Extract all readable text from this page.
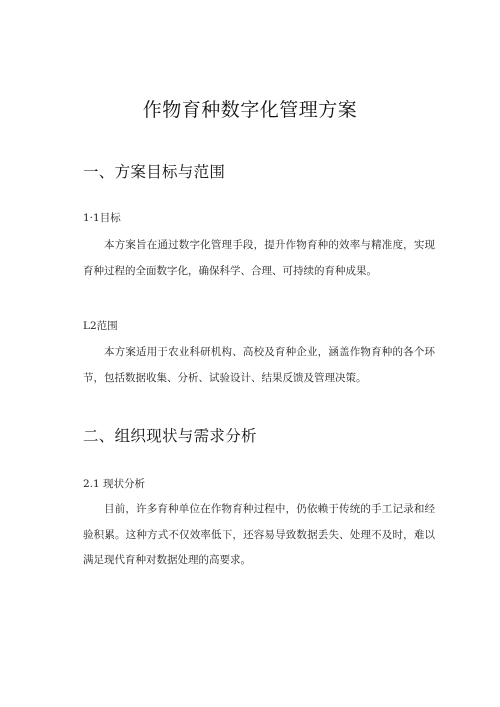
作物育种数字化管理方案
一、方案目标与范围
1·1目标

本方案旨在通过数字化管理手段，提升作物育种的效率与精准度，实现育种过程的全面数字化，确保科学、合理、可持续的育种成果。

L2范围

本方案适用于农业科研机构、高校及育种企业，涵盖作物育种的各个环节，包括数据收集、分析、试验设计、结果反馈及管理决策。

二、组织现状与需求分析
2.1 现状分析

目前，许多育种单位在作物育种过程中，仍依赖于传统的手工记录和经验积累。这种方式不仅效率低下，还容易导致数据丢失、处理不及时，难以满足现代育种对数据处理的高要求。
